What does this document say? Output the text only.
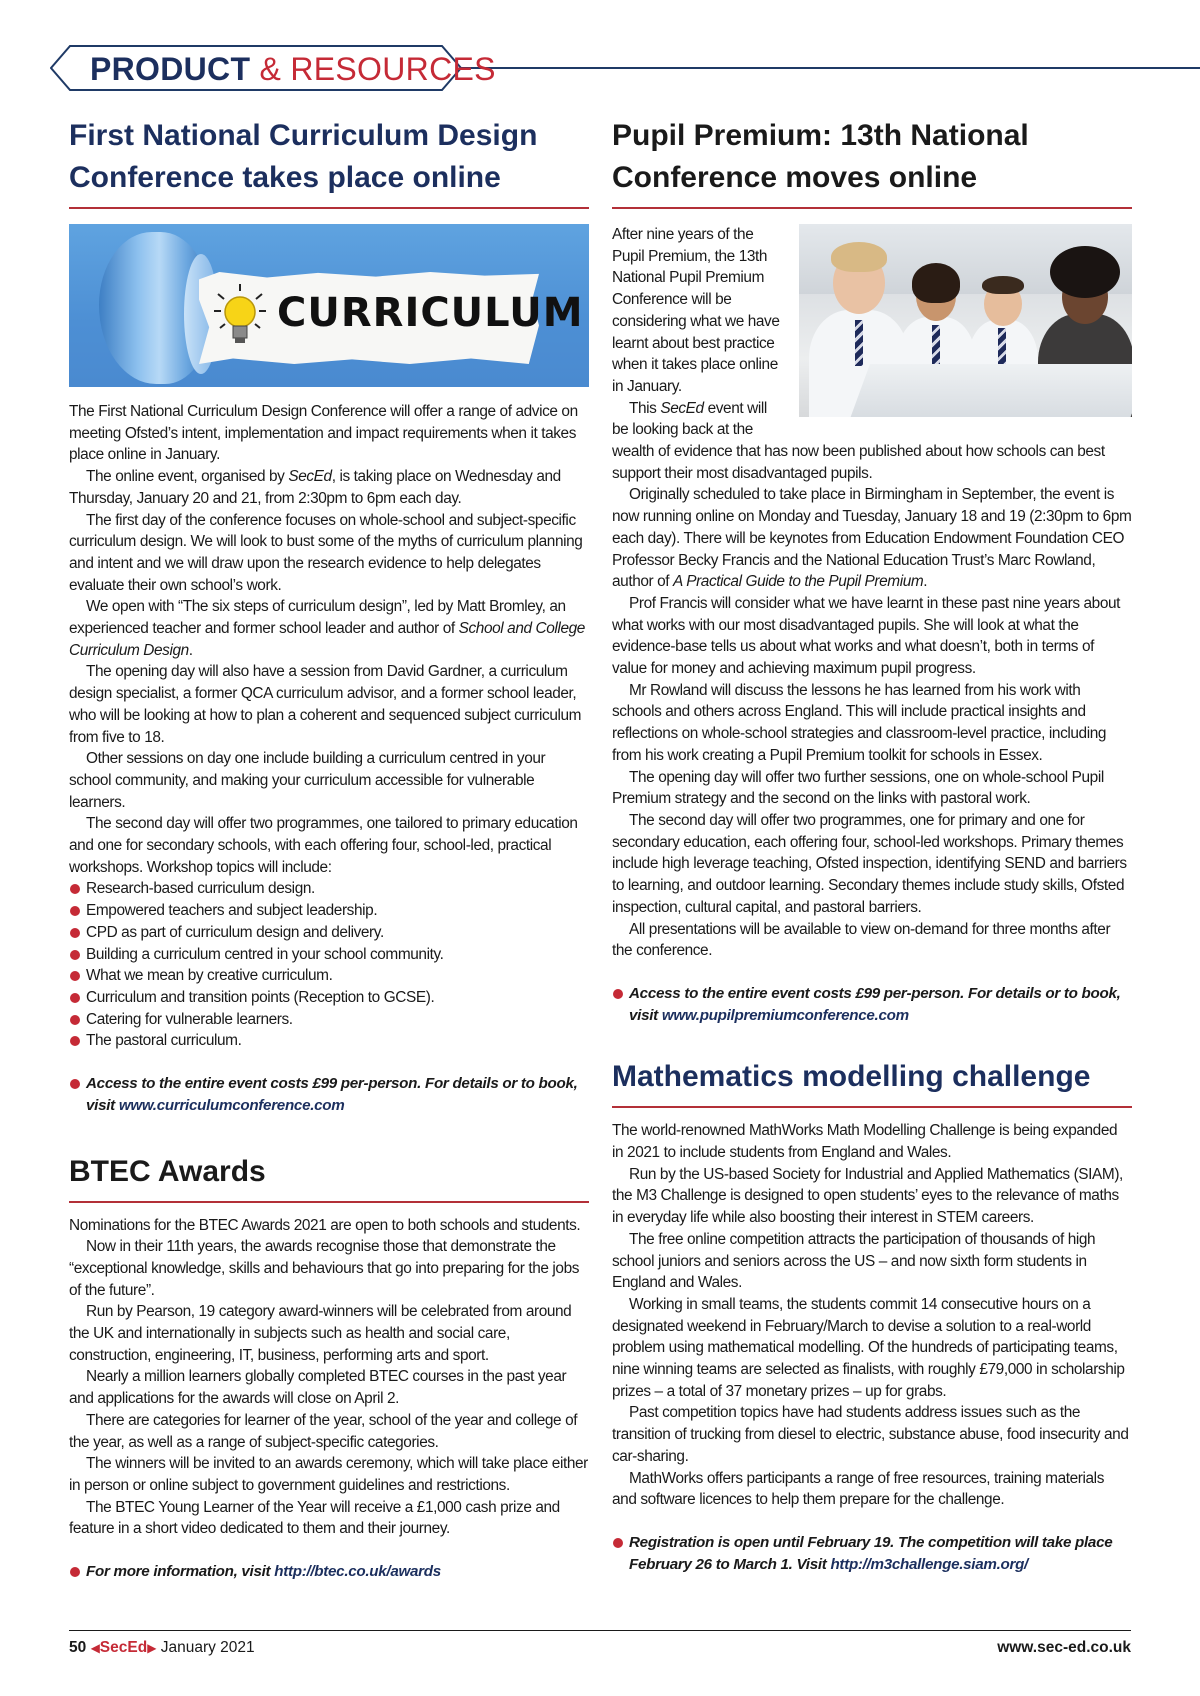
PRODUCT & RESOURCES
First National Curriculum Design
Conference takes place online
CURRICULUM

The First National Curriculum Design Conference will offer a range of advice on meeting Ofsted’s intent, implementation and impact requirements when it takes place online in January.

The online event, organised by SecEd, is taking place on Wednesday and Thursday, January 20 and 21, from 2:30pm to 6pm each day.

The first day of the conference focuses on whole-school and subject-specific curriculum design. We will look to bust some of the myths of curriculum planning and intent and we will draw upon the research evidence to help delegates evaluate their own school’s work.

We open with “The six steps of curriculum design”, led by Matt Bromley, an experienced teacher and former school leader and author of School and College Curriculum Design.

The opening day will also have a session from David Gardner, a curriculum design specialist, a former QCA curriculum advisor, and a former school leader, who will be looking at how to plan a coherent and sequenced subject curriculum from five to 18.

Other sessions on day one include building a curriculum centred in your school community, and making your curriculum accessible for vulnerable learners.

The second day will offer two programmes, one tailored to primary education and one for secondary schools, with each offering four, school-led, practical workshops. Workshop topics will include:

Research-based curriculum design.
Empowered teachers and subject leadership.
CPD as part of curriculum design and delivery.
Building a curriculum centred in your school community.
What we mean by creative curriculum.
Curriculum and transition points (Reception to GCSE).
Catering for vulnerable learners.
The pastoral curriculum.
Access to the entire event costs £99 per-person. For details or to book, visit www.curriculumconference.com
BTEC Awards

Nominations for the BTEC Awards 2021 are open to both schools and students.

Now in their 11th years, the awards recognise those that demonstrate the “exceptional knowledge, skills and behaviours that go into preparing for the jobs of the future”.

Run by Pearson, 19 category award-winners will be celebrated from around the UK and internationally in subjects such as health and social care, construction, engineering, IT, business, performing arts and sport.

Nearly a million learners globally completed BTEC courses in the past year and applications for the awards will close on April 2.

There are categories for learner of the year, school of the year and college of the year, as well as a range of subject-specific categories.

The winners will be invited to an awards ceremony, which will take place either in person or online subject to government guidelines and restrictions.

The BTEC Young Learner of the Year will receive a £1,000 cash prize and feature in a short video dedicated to them and their journey.

For more information, visit http://btec.co.uk/awards
Pupil Premium: 13th National
Conference moves online

After nine years of the Pupil Premium, the 13th National Pupil Premium Conference will be considering what we have learnt about best practice when it takes place online in January.

This SecEd event will be looking back at the wealth of evidence that has now been published about how schools can best support their most disadvantaged pupils.

Originally scheduled to take place in Birmingham in September, the event is now running online on Monday and Tuesday, January 18 and 19 (2:30pm to 6pm each day). There will be keynotes from Education Endowment Foundation CEO Professor Becky Francis and the National Education Trust’s Marc Rowland, author of A Practical Guide to the Pupil Premium.

Prof Francis will consider what we have learnt in these past nine years about what works with our most disadvantaged pupils. She will look at what the evidence-base tells us about what works and what doesn’t, both in terms of value for money and achieving maximum pupil progress.

Mr Rowland will discuss the lessons he has learned from his work with schools and others across England. This will include practical insights and reflections on whole-school strategies and classroom-level practice, including from his work creating a Pupil Premium toolkit for schools in Essex.

The opening day will offer two further sessions, one on whole-school Pupil Premium strategy and the second on the links with pastoral work.

The second day will offer two programmes, one for primary and one for secondary education, each offering four, school-led workshops. Primary themes include high leverage teaching, Ofsted inspection, identifying SEND and barriers to learning, and outdoor learning. Secondary themes include study skills, Ofsted inspection, cultural capital, and pastoral barriers.

All presentations will be available to view on-demand for three months after the conference.

Access to the entire event costs £99 per-person. For details or to book, visit www.pupilpremiumconference.com
Mathematics modelling challenge

The world-renowned MathWorks Math Modelling Challenge is being expanded in 2021 to include students from England and Wales.

Run by the US-based Society for Industrial and Applied Mathematics (SIAM), the M3 Challenge is designed to open students’ eyes to the relevance of maths in everyday life while also boosting their interest in STEM careers.

The free online competition attracts the participation of thousands of high school juniors and seniors across the US – and now sixth form students in England and Wales.

Working in small teams, the students commit 14 consecutive hours on a designated weekend in February/March to devise a solution to a real-world problem using mathematical modelling. Of the hundreds of participating teams, nine winning teams are selected as finalists, with roughly £79,000 in scholarship prizes – a total of 37 monetary prizes – up for grabs.

Past competition topics have had students address issues such as the transition of trucking from diesel to electric, substance abuse, food insecurity and car-sharing.

MathWorks offers participants a range of free resources, training materials and software licences to help them prepare for the challenge.

Registration is open until February 19. The competition will take place February 26 to March 1. Visit http://m3challenge.siam.org/
50 ◀SecEd▶ January 2021	www.sec-ed.co.uk
